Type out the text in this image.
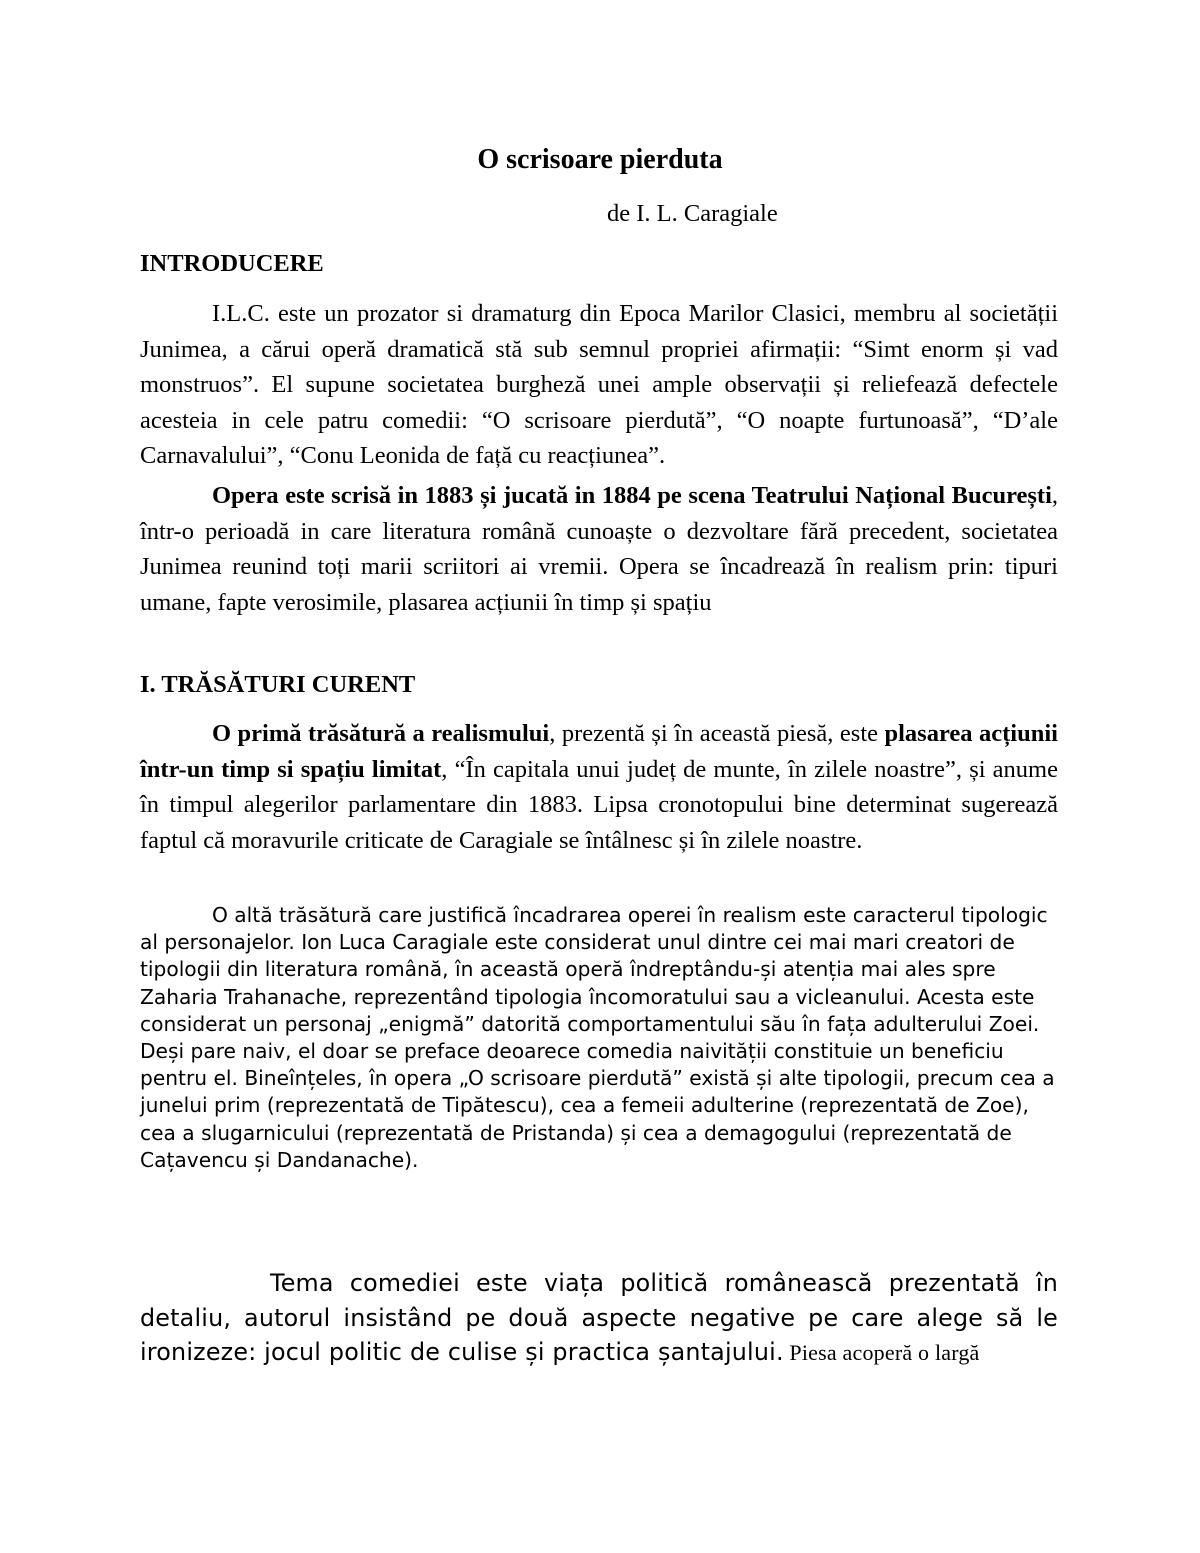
O scrisoare pierduta

de I. L. Caragiale

INTRODUCERE

I.L.C. este un prozator si dramaturg din Epoca Marilor Clasici, membru al societății Junimea, a cărui operă dramatică stă sub semnul propriei afirmații: “Simt enorm și vad monstruos”. El supune societatea burgheză unei ample observații și reliefează defectele acesteia in cele patru comedii: “O scrisoare pierdută”, “O noapte furtunoasă”, “D’ale Carnavalului”, “Conu Leonida de față cu reacțiunea”.

Opera este scrisă in 1883 și jucată in 1884 pe scena Teatrului Național București, într-o perioadă in care literatura română cunoaște o dezvoltare fără precedent, societatea Junimea reunind toți marii scriitori ai vremii. Opera se încadrează în realism prin: tipuri umane, fapte verosimile, plasarea acțiunii în timp și spațiu

I. TRĂSĂTURI CURENT

O primă trăsătură a realismului, prezentă și în această piesă, este plasarea acțiunii într-un timp si spațiu limitat, “În capitala unui județ de munte, în zilele noastre”, și anume în timpul alegerilor parlamentare din 1883. Lipsa cronotopului bine determinat sugerează faptul că moravurile criticate de Caragiale se întâlnesc și în zilele noastre.

O altă trăsătură care justifică încadrarea operei în realism este caracterul tipologic al personajelor. Ion Luca Caragiale este considerat unul dintre cei mai mari creatori de tipologii din literatura română, în această operă îndreptându-și atenția mai ales spre Zaharia Trahanache, reprezentând tipologia încomoratului sau a vicleanului. Acesta este considerat un personaj „enigmă” datorită comportamentului său în fața adulterului Zoei. Deși pare naiv, el doar se preface deoarece comedia naivității constituie un beneficiu pentru el. Bineînțeles, în opera „O scrisoare pierdută” există și alte tipologii, precum cea a junelui prim (reprezentată de Tipătescu), cea a femeii adulterine (reprezentată de Zoe), cea a slugarnicului (reprezentată de Pristanda) și cea a demagogului (reprezentată de Cațavencu și Dandanache).

Tema comediei este viața politică românească prezentată în detaliu, autorul insistând pe două aspecte negative pe care alege să le ironizeze: jocul politic de culise și practica șantajului. Piesa acoperă o largă
